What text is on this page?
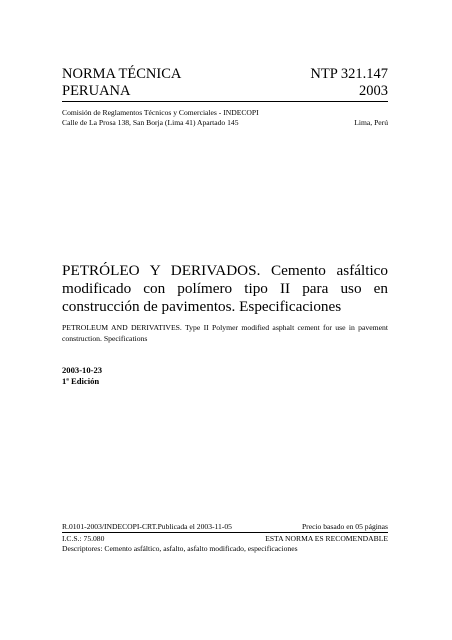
NORMA TÉCNICA	NTP 321.147
PERUANA	2003
Comisión de Reglamentos Técnicos y Comerciales - INDECOPI
Calle de La Prosa 138, San Borja (Lima 41) Apartado 145	Lima, Perú
PETRÓLEO Y DERIVADOS. Cemento asfáltico modificado con polímero tipo II para uso en construcción de pavimentos. Especificaciones
PETROLEUM AND DERIVATIVES. Type II Polymer modified asphalt cement for use in pavement construction. Specifications
2003-10-23
1ª Edición
R.0101-2003/INDECOPI-CRT.Publicada el 2003-11-05	Precio basado en 05 páginas
I.C.S.: 75.080	ESTA NORMA ES RECOMENDABLE
Descriptores: Cemento asfáltico, asfalto, asfalto modificado, especificaciones
